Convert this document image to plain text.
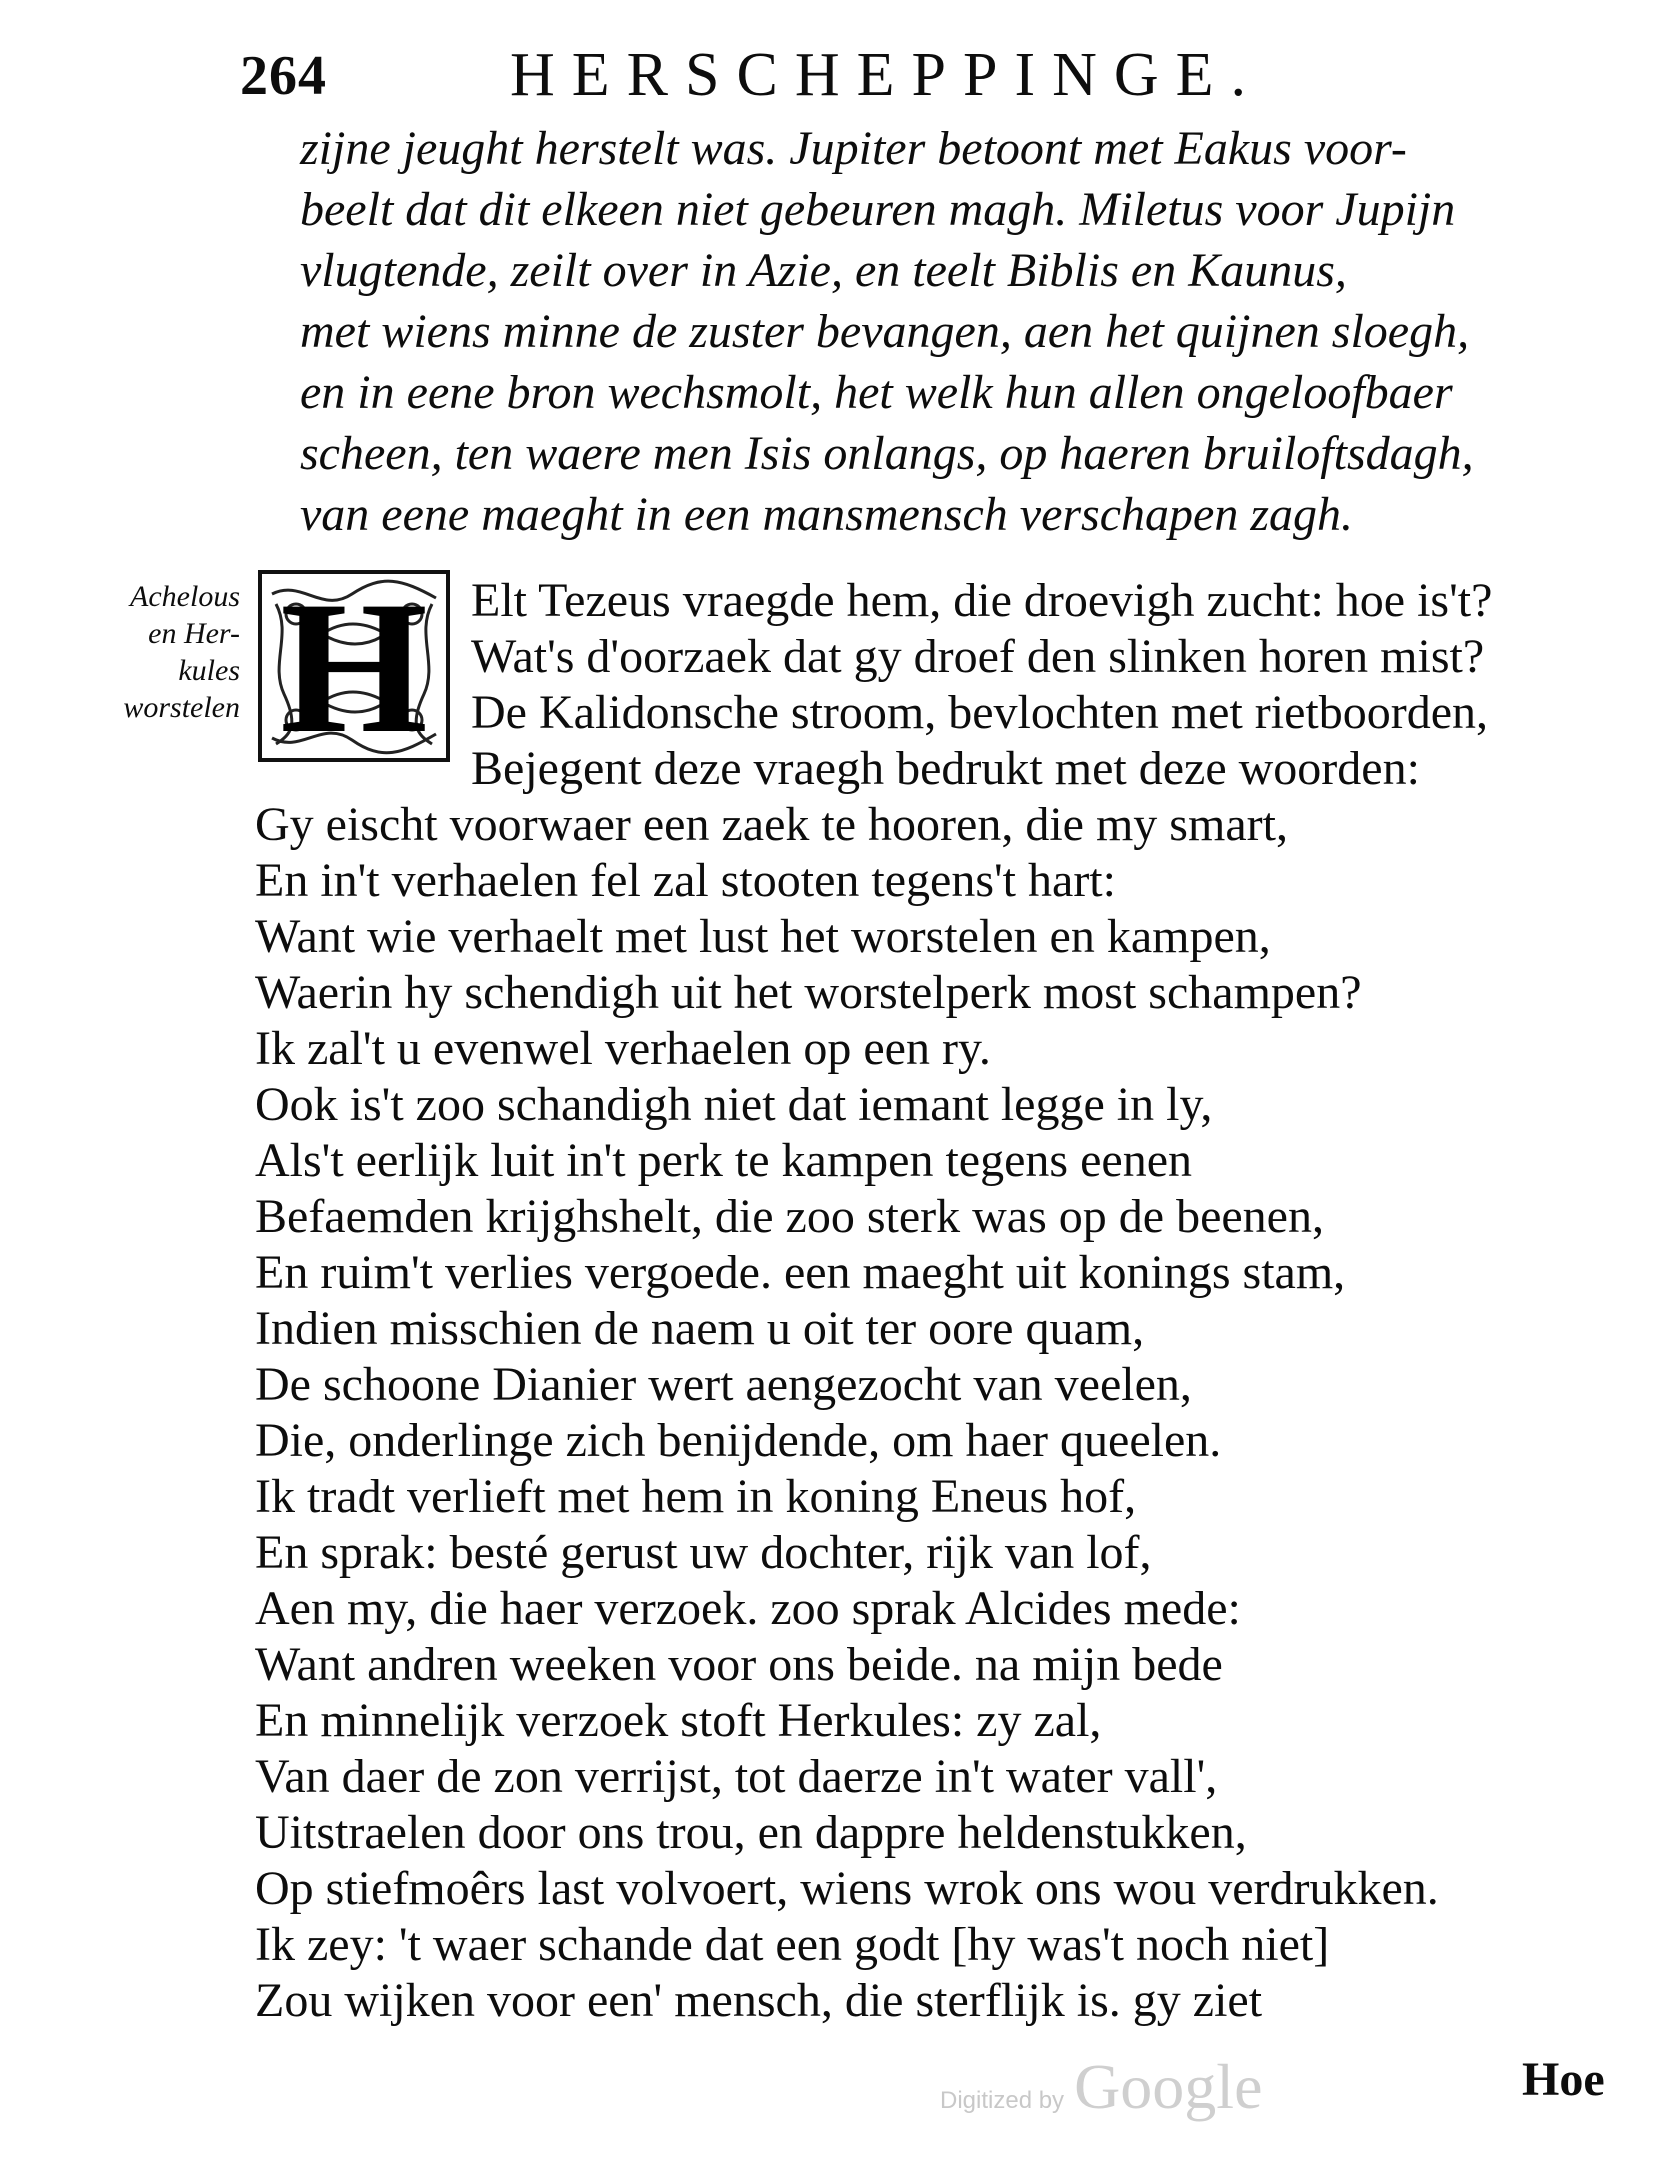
264	HERSCHEPPINGE.
zijne jeught herstelt was. Jupiter betoont met Eakus voor-
beelt dat dit elkeen niet gebeuren magh. Miletus voor Jupijn
vlugtende, zeilt over in Azie, en teelt Biblis en Kaunus,
met wiens minne de zuster bevangen, aen het quijnen sloegh,
en in eene bron wechsmolt, het welk hun allen ongeloofbaer
scheen, ten waere men Isis onlangs, op haeren bruiloftsdagh,
van eene maeght in een mansmensch verschapen zagh.
Achelous
en Her-
kules
worstelen H Elt Tezeus vraegde hem, die droevigh zucht: hoe is't?
Wat's d'oorzaek dat gy droef den slinken horen mist?
De Kalidonsche stroom, bevlochten met rietboorden,
Bejegent deze vraegh bedrukt met deze woorden:
Gy eischt voorwaer een zaek te hooren, die my smart,
En in't verhaelen fel zal stooten tegens't hart:
Want wie verhaelt met lust het worstelen en kampen,
Waerin hy schendigh uit het worstelperk most schampen?
Ik zal't u evenwel verhaelen op een ry.
Ook is't zoo schandigh niet dat iemant legge in ly,
Als't eerlijk luit in't perk te kampen tegens eenen
Befaemden krijghshelt, die zoo sterk was op de beenen,
En ruim't verlies vergoede. een maeght uit konings stam,
Indien misschien de naem u oit ter oore quam,
De schoone Dianier wert aengezocht van veelen,
Die, onderlinge zich benijdende, om haer queelen.
Ik tradt verlieft met hem in koning Eneus hof,
En sprak: besté gerust uw dochter, rijk van lof,
Aen my, die haer verzoek. zoo sprak Alcides mede:
Want andren weeken voor ons beide. na mijn bede
En minnelijk verzoek stoft Herkules: zy zal,
Van daer de zon verrijst, tot daerze in't water vall',
Uitstraelen door ons trou, en dappre heldenstukken,
Op stiefmoêrs last volvoert, wiens wrok ons wou verdrukken.
Ik zey: 't waer schande dat een godt [hy was't noch niet]
Zou wijken voor een' mensch, die sterflijk is. gy ziet
Digitized by Google	Hoe
